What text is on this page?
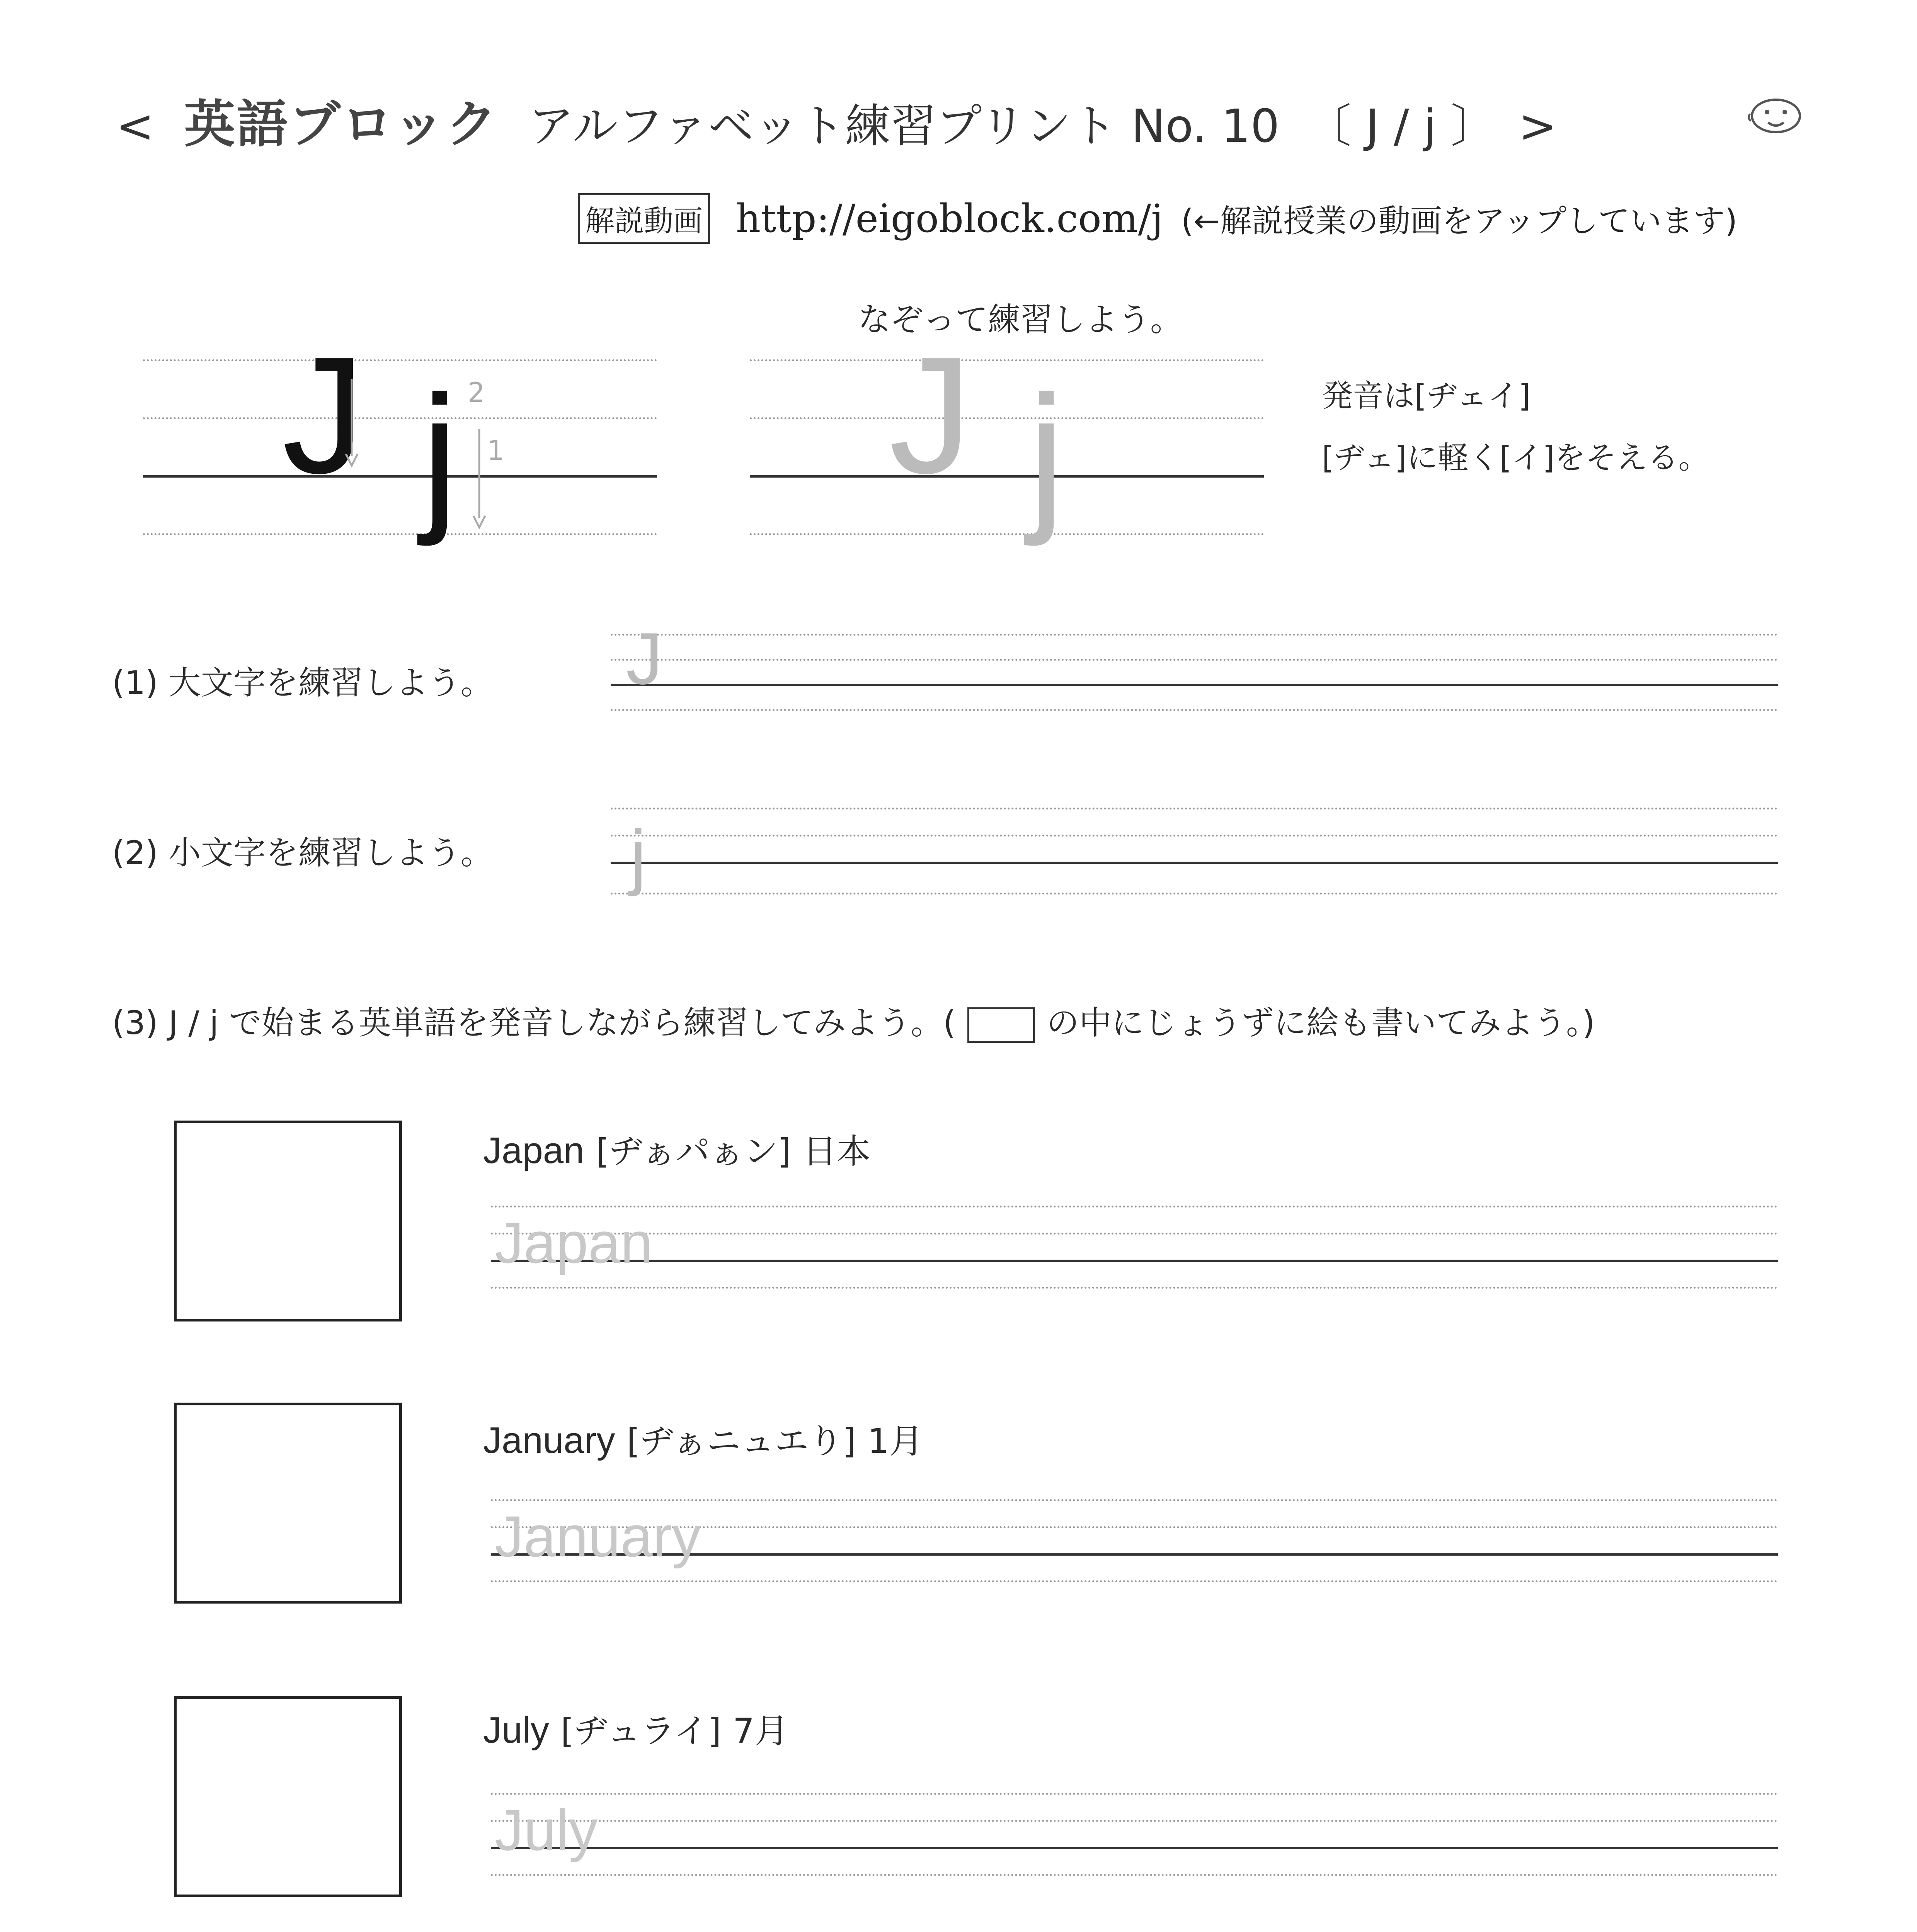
< 英語ブロック アルファベット練習プリント No. 10 〔 J / j 〕 >
解説動画 http://eigoblock.com/j (←解説授業の動画をアップしています)
なぞって練習しよう。
J j 2
1 J j	発音は[ヂェイ]
[ヂェ]に軽く[イ]をそえる。
(1) 大文字を練習しよう。 J
(2) 小文字を練習しよう。 j
(3) J / j で始まる英単語を発音しながら練習してみよう。(	の中にじょうずに絵も書いてみよう。)
Japan [ヂぁパぁン] 日本
Japan
January [ヂぁニュエり] 1月
January
July [ヂュライ] 7月
July
